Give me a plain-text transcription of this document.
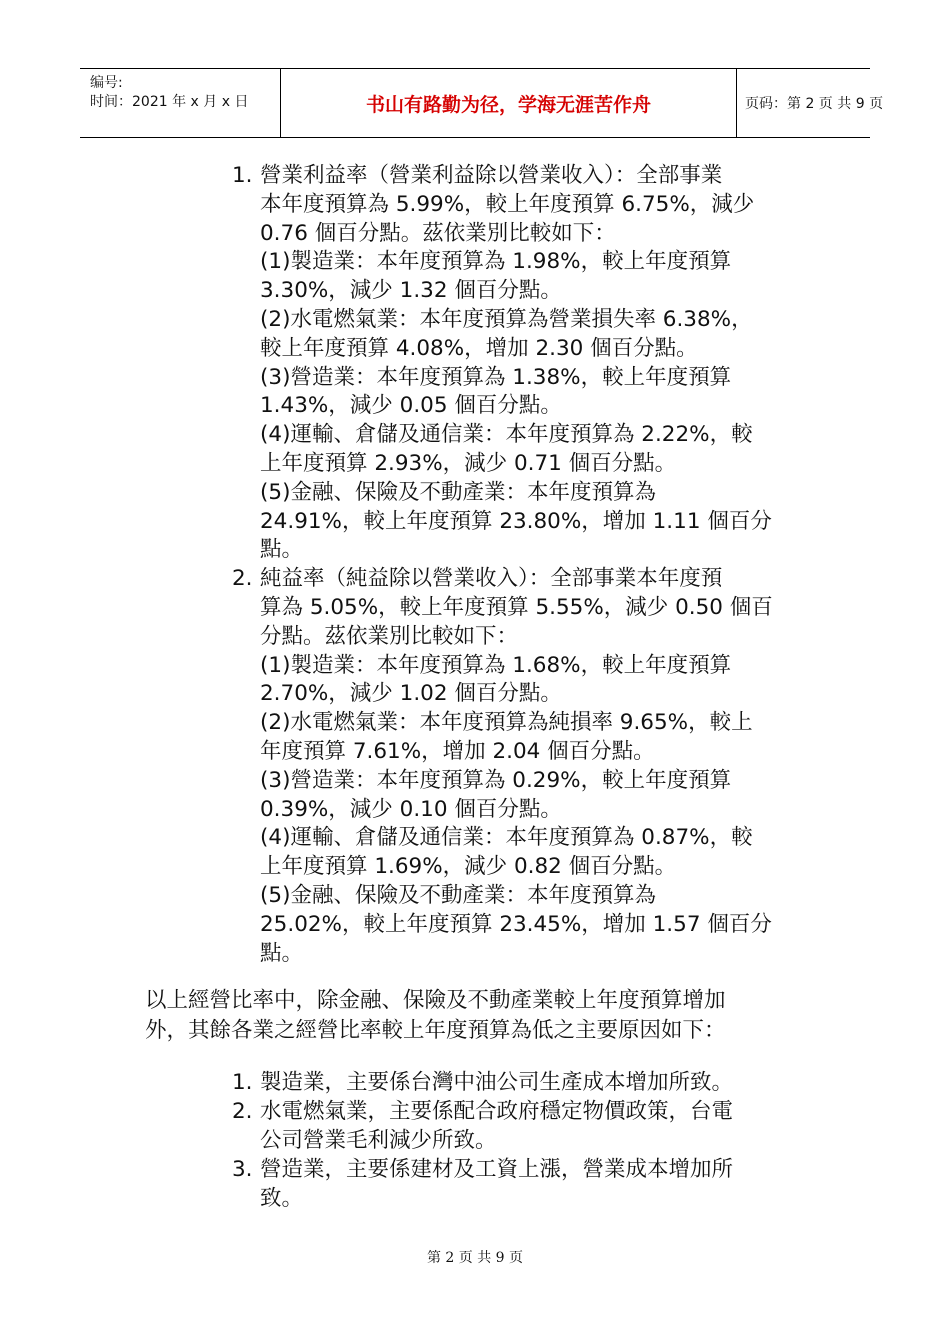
编号:
时间：2021 年 x 月 x 日	书山有路勤为径，学海无涯苦作舟	页码：第 2 页 共 9 页
1. 營業利益率（營業利益除以營業收入）：全部事業
本年度預算為 5.99%，較上年度預算 6.75%，減少
0.76 個百分點。茲依業別比較如下：
(1)製造業：本年度預算為 1.98%，較上年度預算
3.30%，減少 1.32 個百分點。
(2)水電燃氣業：本年度預算為營業損失率 6.38%，
較上年度預算 4.08%，增加 2.30 個百分點。
(3)營造業：本年度預算為 1.38%，較上年度預算
1.43%，減少 0.05 個百分點。
(4)運輸、倉儲及通信業：本年度預算為 2.22%，較
上年度預算 2.93%，減少 0.71 個百分點。
(5)金融、保險及不動產業：本年度預算為
24.91%，較上年度預算 23.80%，增加 1.11 個百分
點。
2. 純益率（純益除以營業收入）：全部事業本年度預
算為 5.05%，較上年度預算 5.55%，減少 0.50 個百
分點。茲依業別比較如下：
(1)製造業：本年度預算為 1.68%，較上年度預算
2.70%，減少 1.02 個百分點。
(2)水電燃氣業：本年度預算為純損率 9.65%，較上
年度預算 7.61%，增加 2.04 個百分點。
(3)營造業：本年度預算為 0.29%，較上年度預算
0.39%，減少 0.10 個百分點。
(4)運輸、倉儲及通信業：本年度預算為 0.87%，較
上年度預算 1.69%，減少 0.82 個百分點。
(5)金融、保險及不動產業：本年度預算為
25.02%，較上年度預算 23.45%，增加 1.57 個百分
點。
以上經營比率中，除金融、保險及不動產業較上年度預算增加
外，其餘各業之經營比率較上年度預算為低之主要原因如下：
1. 製造業，主要係台灣中油公司生產成本增加所致。
2. 水電燃氣業，主要係配合政府穩定物價政策，台電
公司營業毛利減少所致。
3. 營造業，主要係建材及工資上漲，營業成本增加所
致。
第 2 页 共 9 页
